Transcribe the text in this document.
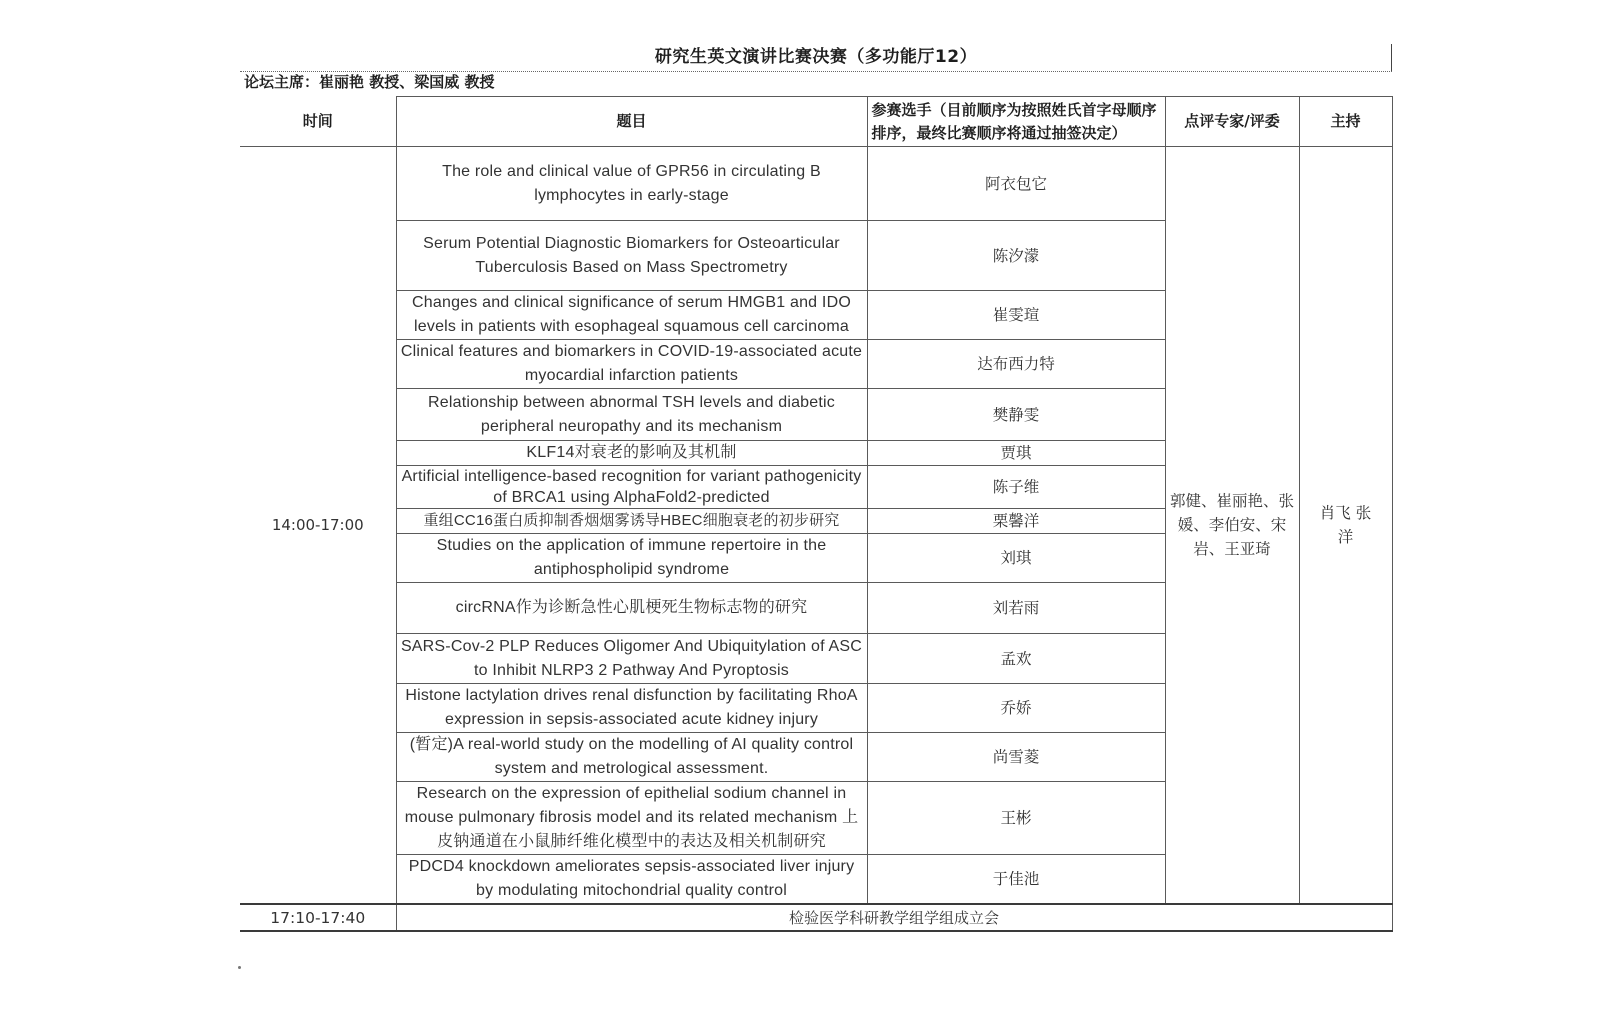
研究生英文演讲比赛决赛（多功能厅12）
论坛主席：崔丽艳 教授、梁国威 教授
时间	题目	参赛选手（目前顺序为按照姓氏首字母顺序排序，最终比赛顺序将通过抽签决定）	点评专家/评委	主持
14:00-17:00	The role and clinical value of GPR56 in circulating B lymphocytes in early-stage	阿衣包它	郭健、崔丽艳、张媛、李伯安、宋岩、王亚琦	肖飞 张洋
	Serum Potential Diagnostic Biomarkers for Osteoarticular Tuberculosis Based on Mass Spectrometry	陈汐濛		
	Changes and clinical significance of serum HMGB1 and IDO levels in patients with esophageal squamous cell carcinoma	崔雯瑄		
	Clinical features and biomarkers in COVID-19-associated acute myocardial infarction patients	达布西力特		
	Relationship between abnormal TSH levels and diabetic peripheral neuropathy and its mechanism	樊静雯		
	KLF14对衰老的影响及其机制	贾琪		
	Artificial intelligence-based recognition for variant pathogenicity of BRCA1 using AlphaFold2-predicted	陈子维		
	重组CC16蛋白质抑制香烟烟雾诱导HBEC细胞衰老的初步研究	栗馨洋		
	Studies on the application of immune repertoire in the antiphospholipid syndrome	刘琪		
	circRNA作为诊断急性心肌梗死生物标志物的研究	刘若雨		
	SARS-Cov-2 PLP Reduces Oligomer And Ubiquitylation of ASC to Inhibit NLRP3 2 Pathway And Pyroptosis	孟欢		
	Histone lactylation drives renal disfunction by facilitating RhoA expression in sepsis-associated acute kidney injury	乔娇		
	(暂定)A real-world study on the modelling of AI quality control system and metrological assessment.	尚雪菱		
	Research on the expression of epithelial sodium channel in mouse pulmonary fibrosis model and its related mechanism 上皮钠通道在小鼠肺纤维化模型中的表达及相关机制研究	王彬		
	PDCD4 knockdown ameliorates sepsis-associated liver injury by modulating mitochondrial quality control	于佳池		
17:10-17:40	检验医学科研教学组学组成立会			
